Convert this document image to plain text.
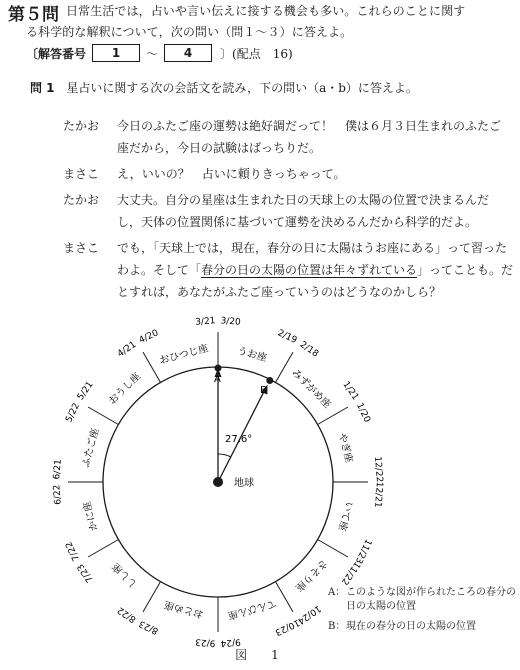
第５問 日常生活では，占いや言い伝えに接する機会も多い。これらのことに関す
る科学的な解釈について，次の問い（問１～３）に答えよ。
〔解答番号	1	～	4	〕(配点　16)
問 1 星占いに関する次の会話文を読み，下の問い（a・b）に答えよ。
たかお	今日のふたご座の運勢は絶好調だって！　僕は６月３日生まれのふたご
座だから，今日の試験はばっちりだ。
まさこ	え，いいの？　占いに頼りきっちゃって。
たかお	大丈夫。自分の星座は生まれた日の天球上の太陽の位置で決まるんだ
し，天体の位置関係に基づいて運勢を決めるんだから科学的だよ。
まさこ	でも，「天球上では，現在，春分の日に太陽はうお座にある」って習った
わよ。そして「春分の日の太陽の位置は年々ずれている」ってことも。だ
とすれば，あなたがふたご座っていうのはどうなのかしら？
3/21 3/20
2/19
2/18
1/21
1/20
12/22
12/21
11/23
11/22
10/24
10/23
9/24
9/23
8/23
8/22
7/23
7/22
6/22
6/21
5/22
5/21
4/21
4/20
おひつじ座	うお座
みずがめ座
やぎ座
いて座
さそり座
てんびん座
おとめ座
しし座
かに座
ふたご座
おうし座
地球
27.6°
A
B
A： このような図が作られたころの春分の日の太陽の位置
B： 現在の春分の日の太陽の位置
図　1
